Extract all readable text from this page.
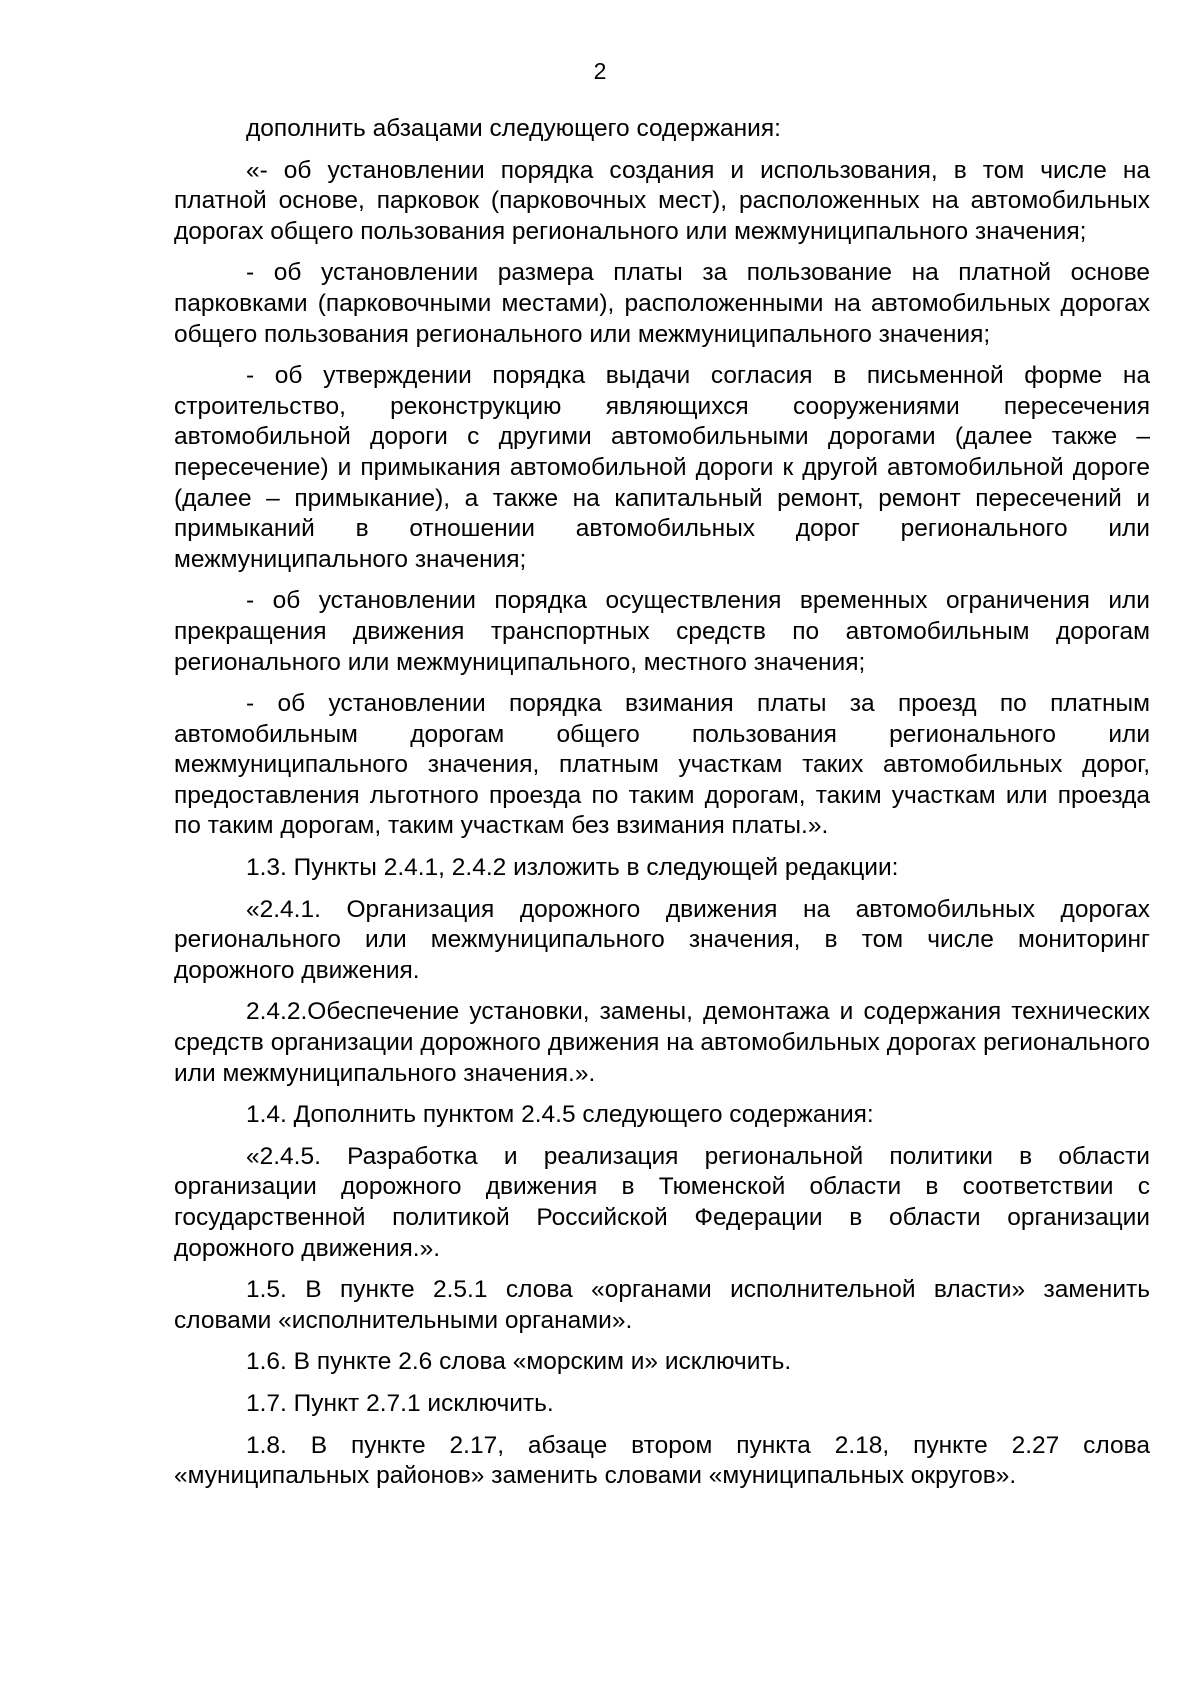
2

дополнить абзацами следующего содержания:

«- об установлении порядка создания и использования, в том числе на платной основе, парковок (парковочных мест), расположенных на автомобильных дорогах общего пользования регионального или межмуниципального значения;

- об установлении размера платы за пользование на платной основе парковками (парковочными местами), расположенными на автомобильных дорогах общего пользования регионального или межмуниципального значения;

- об утверждении порядка выдачи согласия в письменной форме на строительство, реконструкцию являющихся сооружениями пересечения автомобильной дороги с другими автомобильными дорогами (далее также – пересечение) и примыкания автомобильной дороги к другой автомобильной дороге (далее – примыкание), а также на капитальный ремонт, ремонт пересечений и примыканий в отношении автомобильных дорог регионального или межмуниципального значения;

- об установлении порядка осуществления временных ограничения или прекращения движения транспортных средств по автомобильным дорогам регионального или межмуниципального, местного значения;

- об установлении порядка взимания платы за проезд по платным автомобильным дорогам общего пользования регионального или межмуниципального значения, платным участкам таких автомобильных дорог, предоставления льготного проезда по таким дорогам, таким участкам или проезда по таким дорогам, таким участкам без взимания платы.».

1.3. Пункты 2.4.1, 2.4.2 изложить в следующей редакции:

«2.4.1. Организация дорожного движения на автомобильных дорогах регионального или межмуниципального значения, в том числе мониторинг дорожного движения.

2.4.2.Обеспечение установки, замены, демонтажа и содержания технических средств организации дорожного движения на автомобильных дорогах регионального или межмуниципального значения.».

1.4. Дополнить пунктом 2.4.5 следующего содержания:

«2.4.5. Разработка и реализация региональной политики в области организации дорожного движения в Тюменской области в соответствии с государственной политикой Российской Федерации в области организации дорожного движения.».

1.5. В пункте 2.5.1 слова «органами исполнительной власти» заменить словами «исполнительными органами».

1.6. В пункте 2.6 слова «морским и» исключить.

1.7. Пункт 2.7.1 исключить.

1.8. В пункте 2.17, абзаце втором пункта 2.18, пункте 2.27 слова «муниципальных районов» заменить словами «муниципальных округов».
